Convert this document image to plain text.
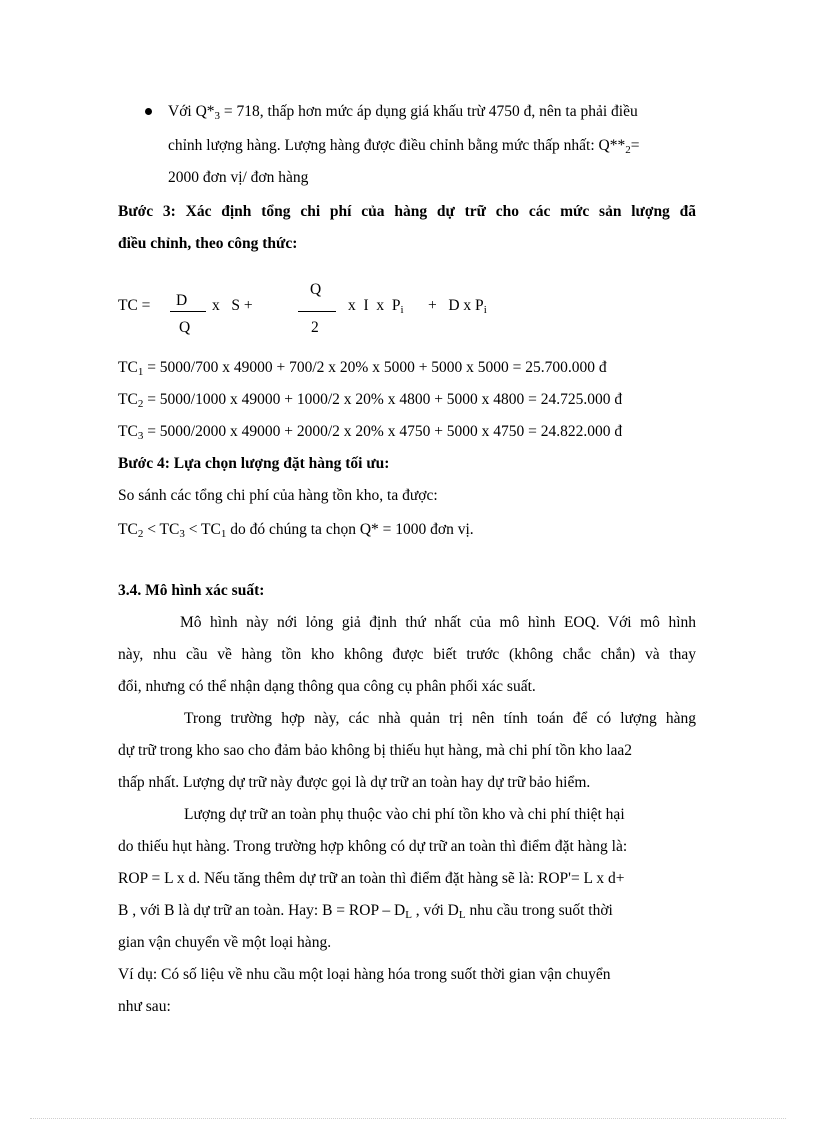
Với $Q*_3 = 718$, thấp hơn mức áp dụng giá khấu trừ 4750 đ, nên ta phải điều
chỉnh lượng hàng. Lượng hàng được điều chỉnh bằng mức thấp nhất: $Q**_2=$
2000 đơn vị/ đơn hàng
Bước 3: Xác định tổng chi phí của hàng dự trữ cho các mức sản lượng đã
điều chỉnh, theo công thức:
TC = D
Q
x   S +
Q
2
x  I  x  $P_i + D$ x $P_i$
$TC_1 = 5000/700$ x 49000 + 700/2 x 20% x 5000 + 5000 x 5000 = 25.700.000 đ
$TC_2 = 5000/1000$ x 49000 + 1000/2 x 20% x 4800 + 5000 x 4800 = 24.725.000 đ
$TC_3 = 5000/2000$ x 49000 + 2000/2 x 20% x 4750 + 5000 x 4750 = 24.822.000 đ
Bước 4: Lựa chọn lượng đặt hàng tối ưu:
So sánh các tổng chi phí của hàng tồn kho, ta được:
$TC_2 < TC_3 < TC_1$ do đó chúng ta chọn Q* = 1000 đơn vị.
3.4. Mô hình xác suất:
Mô hình này nới lỏng giả định thứ nhất của mô hình EOQ. Với mô hình
này, nhu cầu về hàng tồn kho không được biết trước (không chắc chắn) và thay
đổi, nhưng có thể nhận dạng thông qua công cụ phân phối xác suất.
Trong trường hợp này, các nhà quản trị nên tính toán để có lượng hàng
dự trữ trong kho sao cho đảm bảo không bị thiếu hụt hàng, mà chi phí tồn kho laa2
thấp nhất. Lượng dự trữ này được gọi là dự trữ an toàn hay dự trữ bảo hiểm.
Lượng dự trữ an toàn phụ thuộc vào chi phí tồn kho và chi phí thiệt hại
do thiếu hụt hàng. Trong trường hợp không có dự trữ an toàn thì điểm đặt hàng là:
ROP = L x d. Nếu tăng thêm dự trữ an toàn thì điểm đặt hàng sẽ là: ROP'= L x d+
B , với B là dự trữ an toàn. Hay: B = ROP – $D_L$ , với $D_L$ nhu cầu trong suốt thời
gian vận chuyển về một loại hàng.
Ví dụ: Có số liệu về nhu cầu một loại hàng hóa trong suốt thời gian vận chuyển
như sau:
